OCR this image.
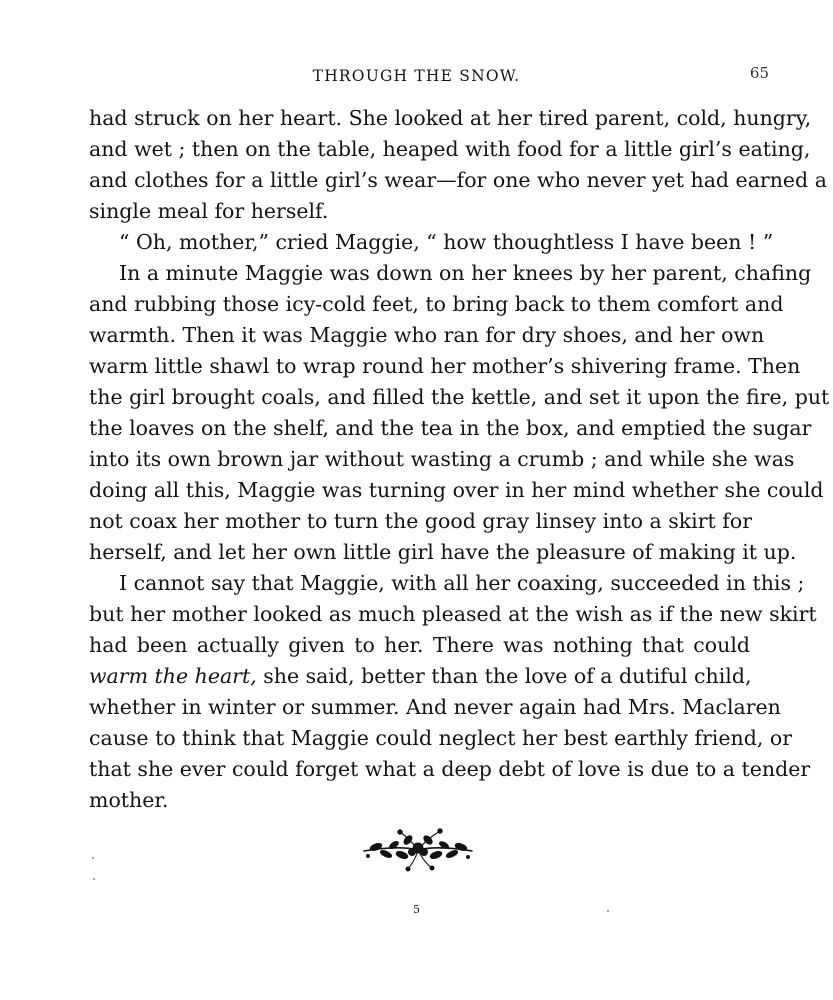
THROUGH THE SNOW.	65
had struck on her heart. She looked at her tired parent, cold, hungry,
and wet ; then on the table, heaped with food for a little girl’s eating,
and clothes for a little girl’s wear—for one who never yet had earned a
single meal for herself.
“ Oh, mother,” cried Maggie, “ how thoughtless I have been ! ”
In a minute Maggie was down on her knees by her parent, chafing
and rubbing those icy-cold feet, to bring back to them comfort and
warmth. Then it was Maggie who ran for dry shoes, and her own
warm little shawl to wrap round her mother’s shivering frame. Then
the girl brought coals, and filled the kettle, and set it upon the fire, put
the loaves on the shelf, and the tea in the box, and emptied the sugar
into its own brown jar without wasting a crumb ; and while she was
doing all this, Maggie was turning over in her mind whether she could
not coax her mother to turn the good gray linsey into a skirt for
herself, and let her own little girl have the pleasure of making it up.
I cannot say that Maggie, with all her coaxing, succeeded in this ;
but her mother looked as much pleased at the wish as if the new skirt
had been actually given to her. There was nothing that could
warm the heart, she said, better than the love of a dutiful child,
whether in winter or summer. And never again had Mrs. Maclaren
cause to think that Maggie could neglect her best earthly friend, or
that she ever could forget what a deep debt of love is due to a tender
mother.
5
